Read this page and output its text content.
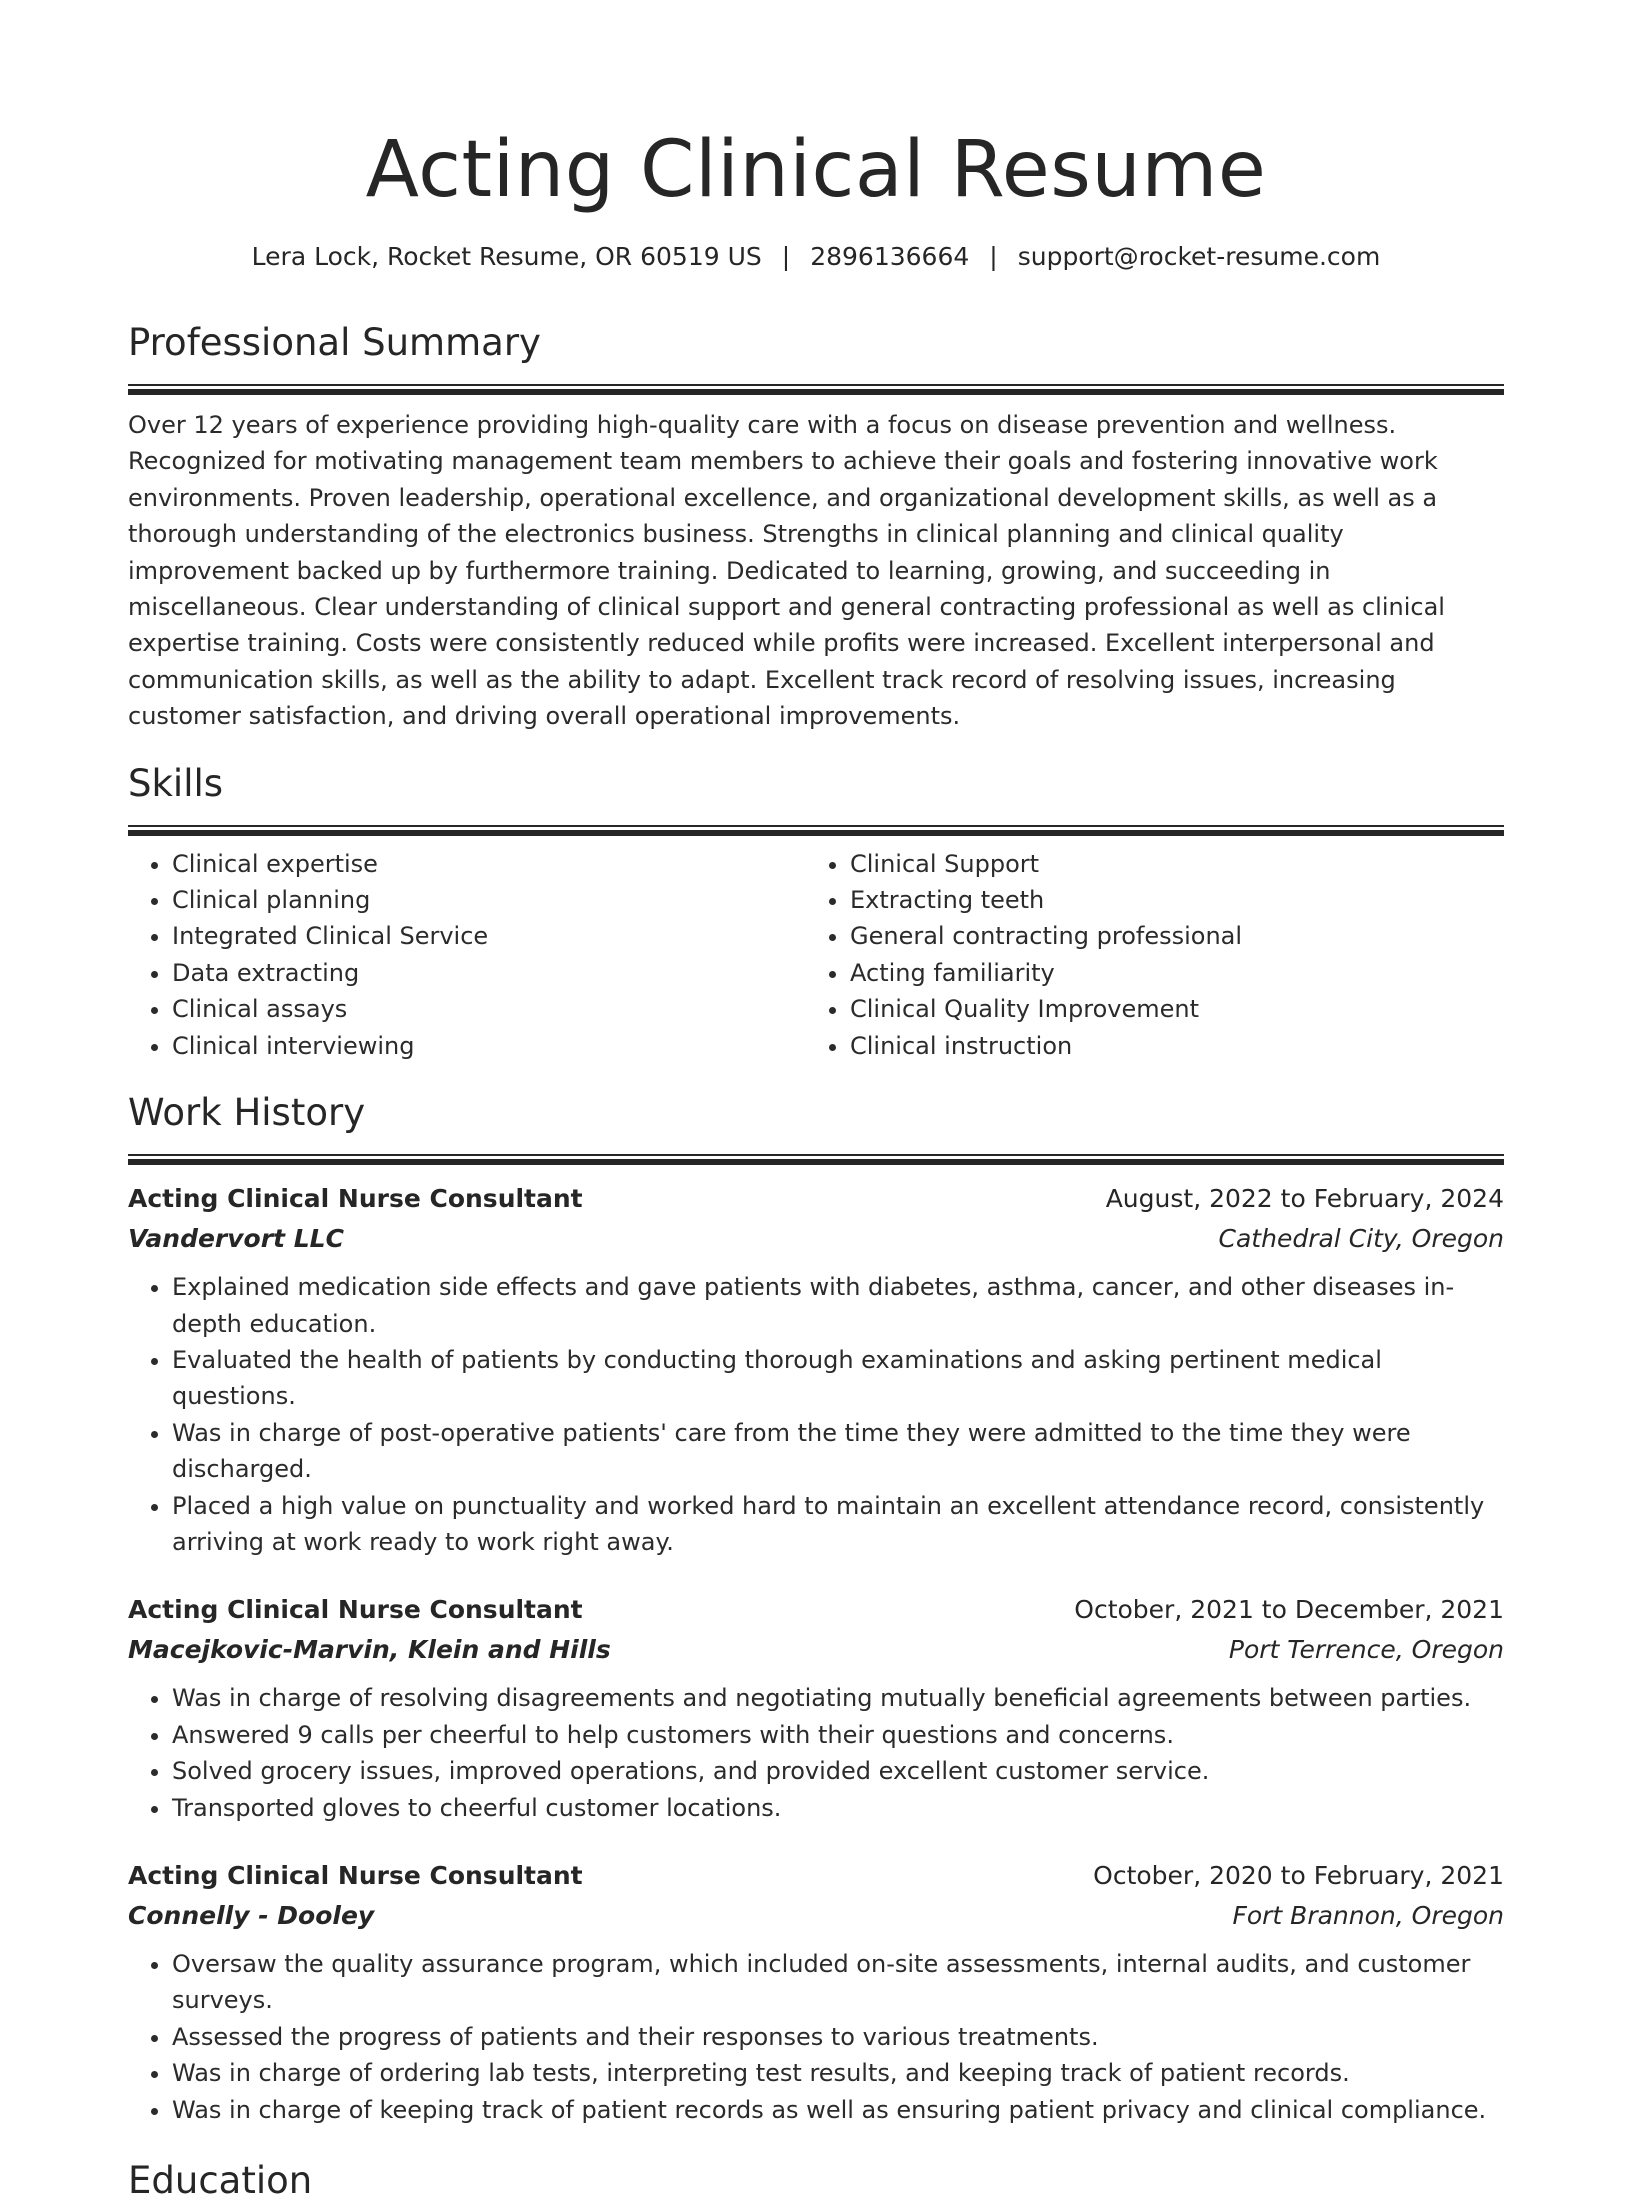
Acting Clinical Resume
Lera Lock, Rocket Resume, OR 60519 US | 2896136664 | support@rocket-resume.com
Professional Summary

Over 12 years of experience providing high-quality care with a focus on disease prevention and wellness. Recognized for motivating management team members to achieve their goals and fostering innovative work environments. Proven leadership, operational excellence, and organizational development skills, as well as a thorough understanding of the electronics business. Strengths in clinical planning and clinical quality improvement backed up by furthermore training. Dedicated to learning, growing, and succeeding in miscellaneous. Clear understanding of clinical support and general contracting professional as well as clinical expertise training. Costs were consistently reduced while profits were increased. Excellent interpersonal and communication skills, as well as the ability to adapt. Excellent track record of resolving issues, increasing customer satisfaction, and driving overall operational improvements.

Skills
• Clinical expertise
• Clinical planning
• Integrated Clinical Service
• Data extracting
• Clinical assays
• Clinical interviewing
• Clinical Support
• Extracting teeth
• General contracting professional
• Acting familiarity
• Clinical Quality Improvement
• Clinical instruction
Work History
Acting Clinical Nurse Consultant	August, 2022 to February, 2024
Vandervort LLC	Cathedral City, Oregon
• Explained medication side effects and gave patients with diabetes, asthma, cancer, and other diseases in-depth education.
• Evaluated the health of patients by conducting thorough examinations and asking pertinent medical questions.
• Was in charge of post-operative patients' care from the time they were admitted to the time they were discharged.
• Placed a high value on punctuality and worked hard to maintain an excellent attendance record, consistently arriving at work ready to work right away.
Acting Clinical Nurse Consultant	October, 2021 to December, 2021
Macejkovic-Marvin, Klein and Hills	Port Terrence, Oregon
• Was in charge of resolving disagreements and negotiating mutually beneficial agreements between parties.
• Answered 9 calls per cheerful to help customers with their questions and concerns.
• Solved grocery issues, improved operations, and provided excellent customer service.
• Transported gloves to cheerful customer locations.
Acting Clinical Nurse Consultant	October, 2020 to February, 2021
Connelly - Dooley	Fort Brannon, Oregon
• Oversaw the quality assurance program, which included on-site assessments, internal audits, and customer surveys.
• Assessed the progress of patients and their responses to various treatments.
• Was in charge of ordering lab tests, interpreting test results, and keeping track of patient records.
• Was in charge of keeping track of patient records as well as ensuring patient privacy and clinical compliance.
Education
